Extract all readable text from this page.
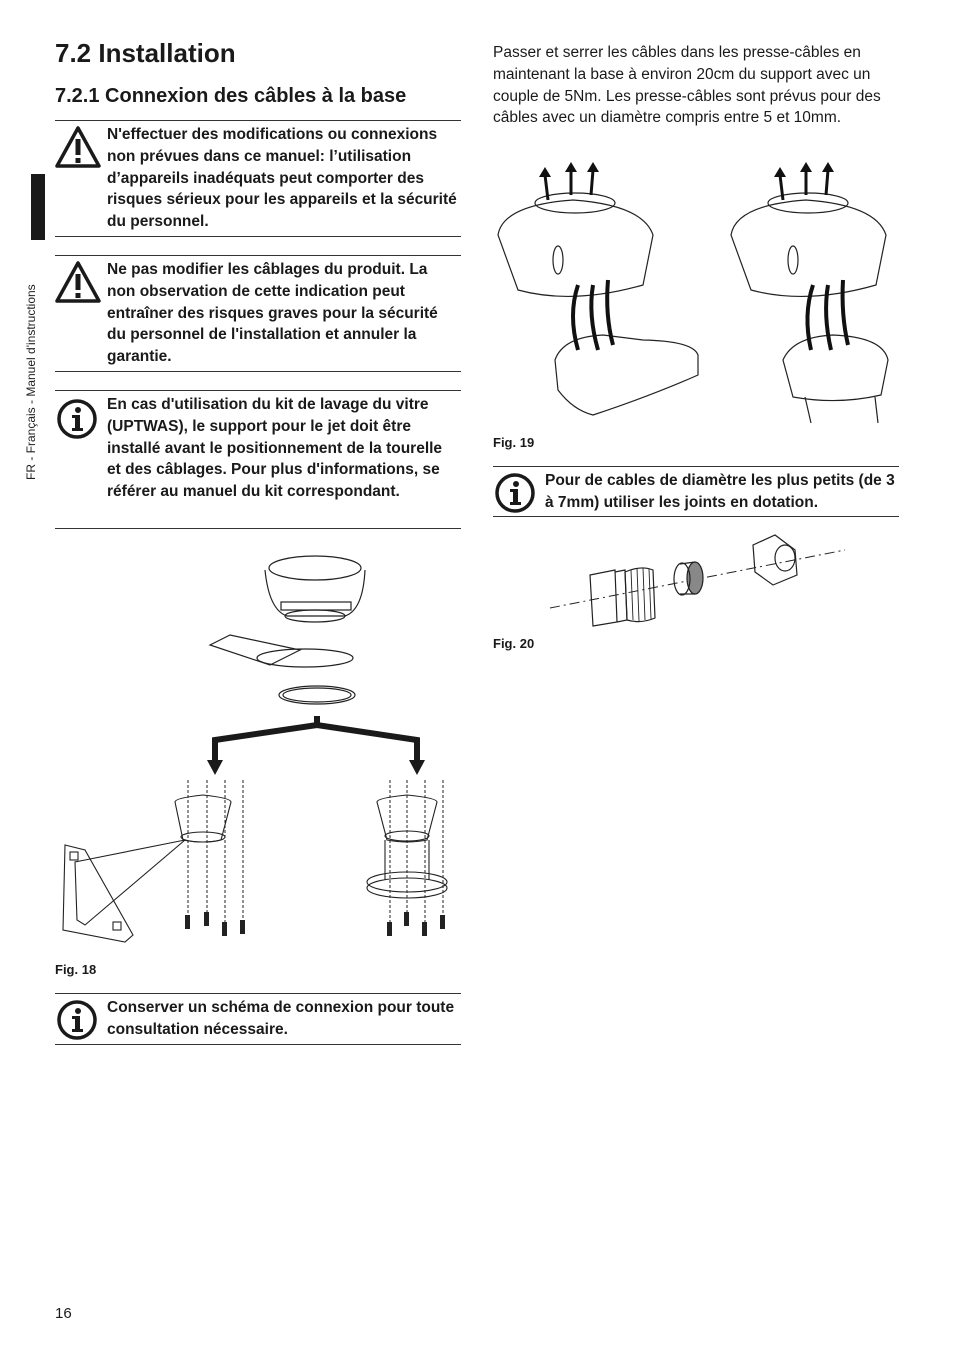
7.2 Installation
7.2.1 Connexion des câbles à la base
FR - Français - Manuel d'instructions
N'effectuer des modifications ou connexions non prévues dans ce manuel: l’utilisation d’appareils inadéquats peut comporter des risques sérieux pour les appareils et la sécurité du personnel.
Ne pas modifier les câblages du produit. La non observation de cette indication peut entraîner des risques graves pour la sécurité du personnel de l'installation et annuler la garantie.
En cas d'utilisation du kit de lavage du vitre (UPTWAS), le support pour le jet doit être installé avant le positionnement de la tourelle et des câblages. Pour plus d'informations, se référer au manuel du kit correspondant.
Fig. 18
Conserver un schéma de connexion pour toute consultation nécessaire.
Passer et serrer les câbles dans les presse-câbles en maintenant la base à environ 20cm du support avec un couple de 5Nm. Les presse-câbles sont prévus pour des câbles avec un diamètre compris entre 5 et 10mm.
Fig. 19
Pour de cables de diamètre les plus petits (de 3 à 7mm) utiliser les joints en dotation.
Fig. 20
16
